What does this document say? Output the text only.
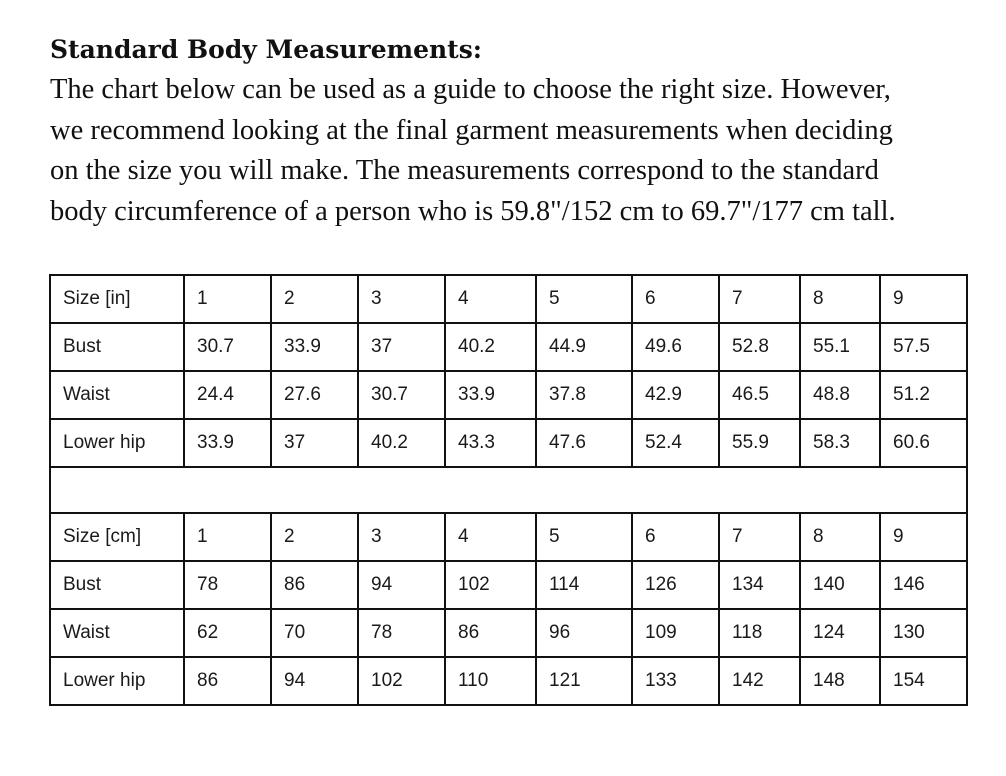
Standard Body Measurements:

The chart below can be used as a guide to choose the right size. However,
we recommend looking at the final garment measurements when deciding
on the size you will make. The measurements correspond to the standard
body circumference of a person who is 59.8"/152 cm to 69.7"/177 cm tall.

Size [in]	1	2	3	4	5	6	7	8	9
Bust	30.7	33.9	37	40.2	44.9	49.6	52.8	55.1	57.5
Waist	24.4	27.6	30.7	33.9	37.8	42.9	46.5	48.8	51.2
Lower hip	33.9	37	40.2	43.3	47.6	52.4	55.9	58.3	60.6

Size [cm]	1	2	3	4	5	6	7	8	9
Bust	78	86	94	102	114	126	134	140	146
Waist	62	70	78	86	96	109	118	124	130
Lower hip	86	94	102	110	121	133	142	148	154
